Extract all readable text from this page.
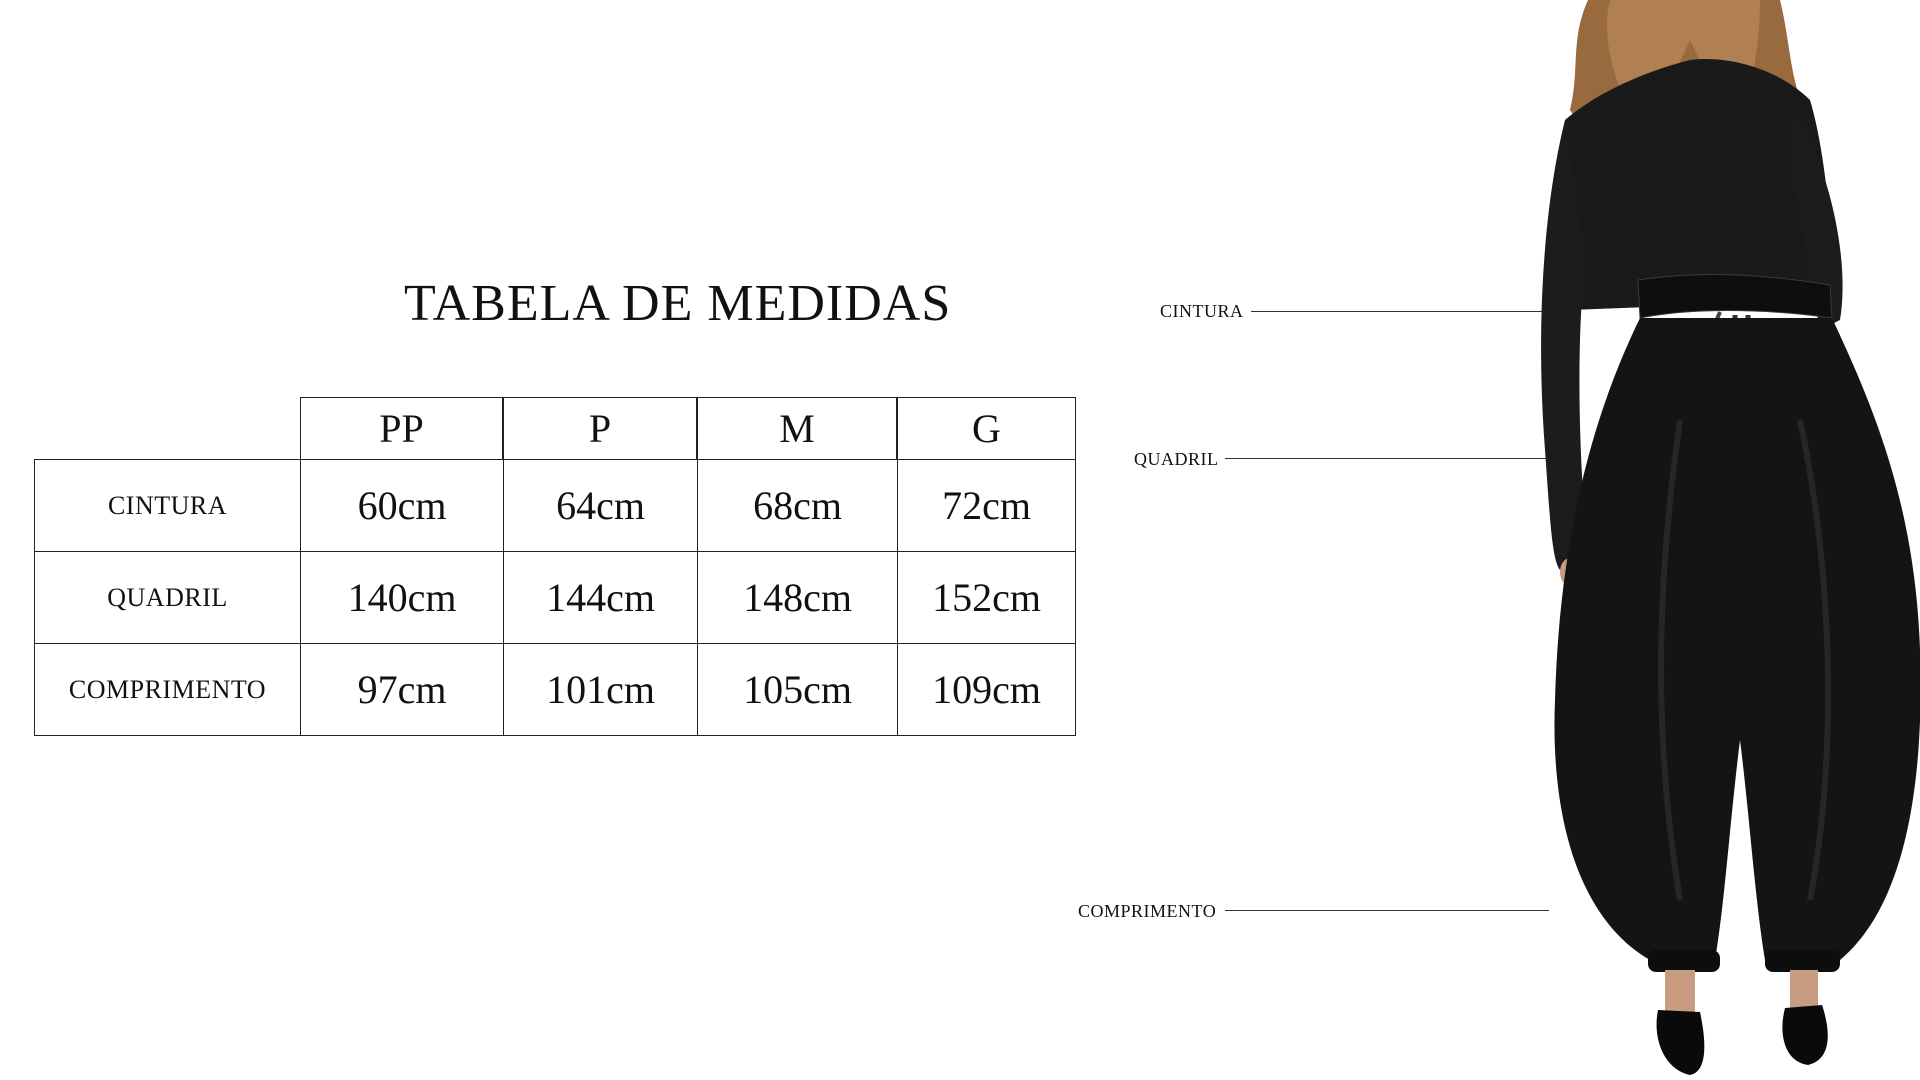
TABELA DE MEDIDAS
PP	P	M	G
CINTURA	60cm	64cm	68cm	72cm
QUADRIL	140cm	144cm	148cm	152cm
COMPRIMENTO	97cm	101cm	105cm	109cm
CINTURA
QUADRIL
COMPRIMENTO
